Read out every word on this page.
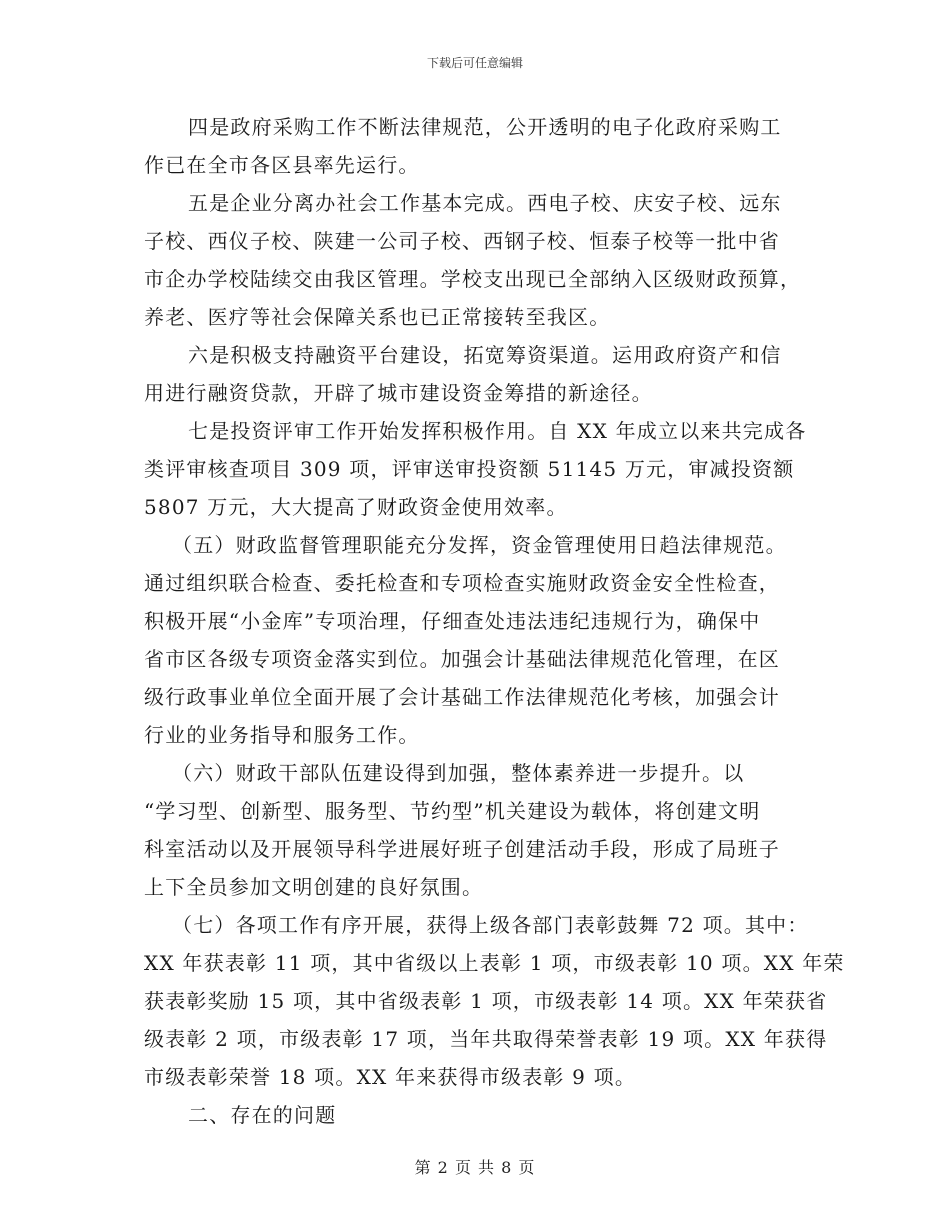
下载后可任意编辑
四是政府采购工作不断法律规范，公开透明的电子化政府采购工
作已在全市各区县率先运行。
五是企业分离办社会工作基本完成。西电子校、庆安子校、远东
子校、西仪子校、陕建一公司子校、西钢子校、恒泰子校等一批中省
市企办学校陆续交由我区管理。学校支出现已全部纳入区级财政预算，
养老、医疗等社会保障关系也已正常接转至我区。
六是积极支持融资平台建设，拓宽筹资渠道。运用政府资产和信
用进行融资贷款，开辟了城市建设资金筹措的新途径。
七是投资评审工作开始发挥积极作用。自 XX 年成立以来共完成各
类评审核查项目 309 项，评审送审投资额 51145 万元，审减投资额
5807 万元，大大提高了财政资金使用效率。
（五）财政监督管理职能充分发挥，资金管理使用日趋法律规范。
通过组织联合检查、委托检查和专项检查实施财政资金安全性检查，
积极开展“小金库”专项治理，仔细查处违法违纪违规行为，确保中
省市区各级专项资金落实到位。加强会计基础法律规范化管理，在区
级行政事业单位全面开展了会计基础工作法律规范化考核，加强会计
行业的业务指导和服务工作。
（六）财政干部队伍建设得到加强，整体素养进一步提升。以
“学习型、创新型、服务型、节约型”机关建设为载体，将创建文明
科室活动以及开展领导科学进展好班子创建活动手段，形成了局班子
上下全员参加文明创建的良好氛围。
（七）各项工作有序开展，获得上级各部门表彰鼓舞 72 项。其中：
XX 年获表彰 11 项，其中省级以上表彰 1 项，市级表彰 10 项。XX 年荣
获表彰奖励 15 项，其中省级表彰 1 项，市级表彰 14 项。XX 年荣获省
级表彰 2 项，市级表彰 17 项，当年共取得荣誉表彰 19 项。XX 年获得
市级表彰荣誉 18 项。XX 年来获得市级表彰 9 项。
二、存在的问题
第 2 页 共 8 页
